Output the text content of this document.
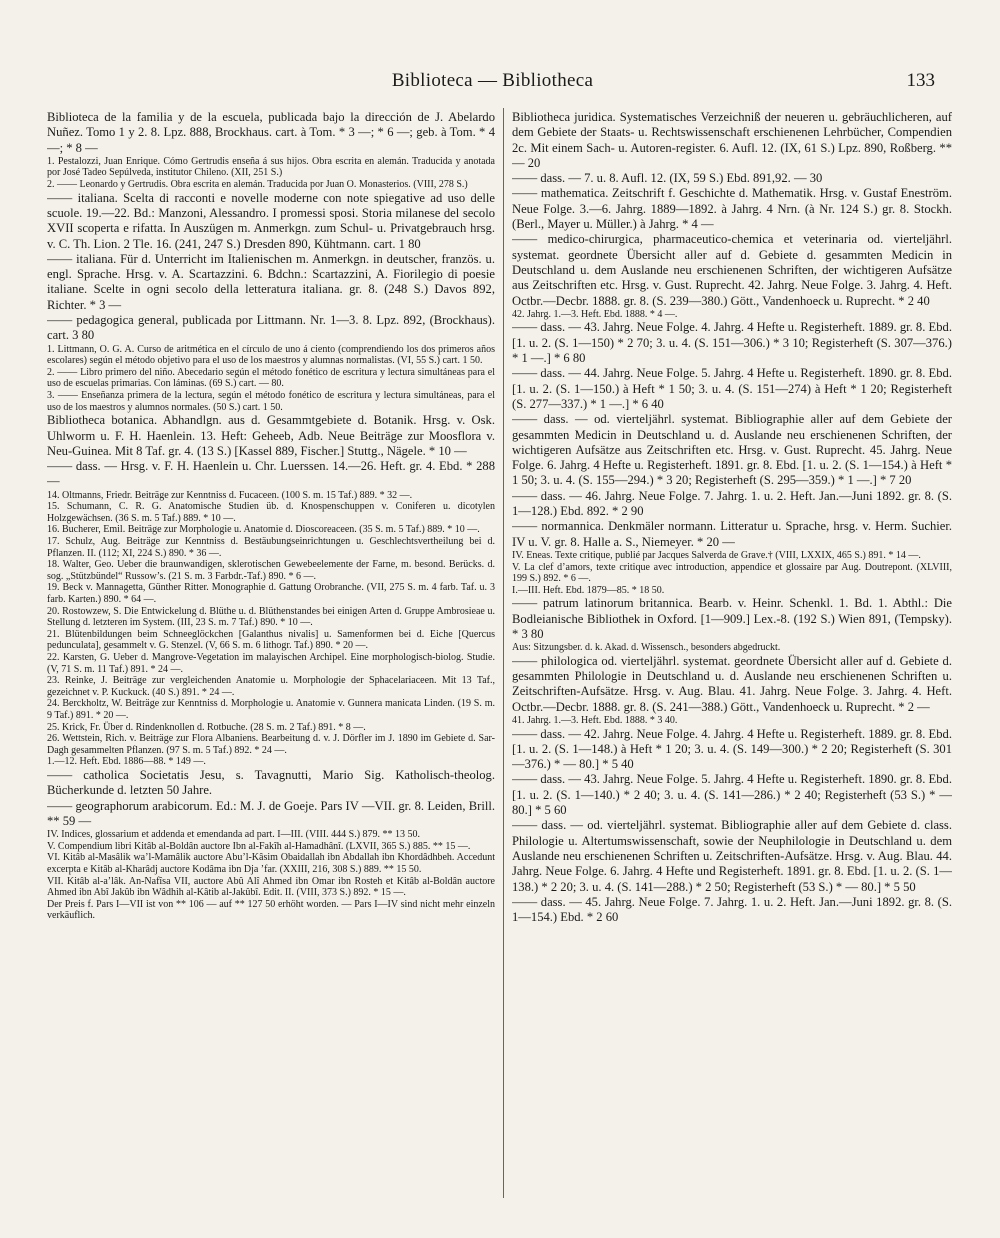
Biblioteca — Bibliotheca	133
Biblioteca de la familia y de la escuela, publicada bajo la dirección de J. Abelardo Nuñez. Tomo 1 y 2. 8. Lpz. 888, Brockhaus. cart. à Tom. * 3 —; * 6 —; geb. à Tom. * 4 —; * 8 —
1. Pestalozzi, Juan Enrique. Cómo Gertrudis enseña á sus hijos. Obra escrita en alemán. Traducida y anotada por José Tadeo Sepúlveda, institutor Chileno. (XII, 251 S.)
2. —— Leonardo y Gertrudis. Obra escrita en alemán. Traducida por Juan O. Monasterios. (VIII, 278 S.)
—— italiana. Scelta di racconti e novelle moderne con note spiegative ad uso delle scuole. 19.—22. Bd.: Manzoni, Alessandro. I promessi sposi. Storia milanese del secolo XVII scoperta e rifatta. In Auszügen m. Anmerkgn. zum Schul- u. Privatgebrauch hrsg. v. C. Th. Lion. 2 Tle. 16. (241, 247 S.) Dresden 890, Kühtmann. cart. 1 80
—— italiana. Für d. Unterricht im Italienischen m. Anmerkgn. in deutscher, französ. u. engl. Sprache. Hrsg. v. A. Scartazzini. 6. Bdchn.: Scartazzini, A. Fiorilegio di poesie italiane. Scelte in ogni secolo della letteratura italiana. gr. 8. (248 S.) Davos 892, Richter. * 3 —
—— pedagogica general, publicada por Littmann. Nr. 1—3. 8. Lpz. 892, (Brockhaus). cart. 3 80
1. Littmann, O. G. A. Curso de aritmética en el círculo de uno á ciento (comprendiendo los dos primeros años escolares) según el método objetivo para el uso de los maestros y alumnas normalistas. (VI, 55 S.) cart. 1 50.
2. —— Libro primero del niño. Abecedario según el método fonético de escritura y lectura simultáneas para el uso de escuelas primarias. Con láminas. (69 S.) cart. — 80.
3. —— Enseñanza primera de la lectura, según el método fonético de escritura y lectura simultáneas, para el uso de los maestros y alumnos normales. (50 S.) cart. 1 50.
Bibliotheca botanica. Abhandlgn. aus d. Gesammtgebiete d. Botanik. Hrsg. v. Osk. Uhlworm u. F. H. Haenlein. 13. Heft: Geheeb, Adb. Neue Beiträge zur Moosflora v. Neu-Guinea. Mit 8 Taf. gr. 4. (13 S.) [Kassel 889, Fischer.] Stuttg., Nägele. * 10 —
—— dass. — Hrsg. v. F. H. Haenlein u. Chr. Luerssen. 14.—26. Heft. gr. 4. Ebd. * 288 —
14. Oltmanns, Friedr. Beiträge zur Kenntniss d. Fucaceen. (100 S. m. 15 Taf.) 889. * 32 —.
15. Schumann, C. R. G. Anatomische Studien üb. d. Knospenschuppen v. Coniferen u. dicotylen Holzgewächsen. (36 S. m. 5 Taf.) 889. * 10 —.
16. Bucherer, Emil. Beiträge zur Morphologie u. Anatomie d. Dioscoreaceen. (35 S. m. 5 Taf.) 889. * 10 —.
17. Schulz, Aug. Beiträge zur Kenntniss d. Bestäubungseinrichtungen u. Geschlechtsvertheilung bei d. Pflanzen. II. (112; XI, 224 S.) 890. * 36 —.
18. Walter, Geo. Ueber die braunwandigen, sklerotischen Gewebeelemente der Farne, m. besond. Berücks. d. sog. „Stützbündel“ Russow’s. (21 S. m. 3 Farbdr.-Taf.) 890. * 6 —.
19. Beck v. Mannagetta, Günther Ritter. Monographie d. Gattung Orobranche. (VII, 275 S. m. 4 farb. Taf. u. 3 farb. Karten.) 890. * 64 —.
20. Rostowzew, S. Die Entwickelung d. Blüthe u. d. Blüthenstandes bei einigen Arten d. Gruppe Ambrosieae u. Stellung d. letzteren im System. (III, 23 S. m. 7 Taf.) 890. * 10 —.
21. Blütenbildungen beim Schneeglöckchen [Galanthus nivalis] u. Samenformen bei d. Eiche [Quercus pedunculata], gesammelt v. G. Stenzel. (V, 66 S. m. 6 lithogr. Taf.) 890. * 20 —.
22. Karsten, G. Ueber d. Mangrove-Vegetation im malayischen Archipel. Eine morphologisch-biolog. Studie. (V, 71 S. m. 11 Taf.) 891. * 24 —.
23. Reinke, J. Beiträge zur vergleichenden Anatomie u. Morphologie der Sphacelariaceen. Mit 13 Taf., gezeichnet v. P. Kuckuck. (40 S.) 891. * 24 —.
24. Berckholtz, W. Beiträge zur Kenntniss d. Morphologie u. Anatomie v. Gunnera manicata Linden. (19 S. m. 9 Taf.) 891. * 20 —.
25. Krick, Fr. Über d. Rindenknollen d. Rotbuche. (28 S. m. 2 Taf.) 891. * 8 —.
26. Wettstein, Rich. v. Beiträge zur Flora Albaniens. Bearbeitung d. v. J. Dörfler im J. 1890 im Gebiete d. Sar-Dagh gesammelten Pflanzen. (97 S. m. 5 Taf.) 892. * 24 —.
1.—12. Heft. Ebd. 1886—88. * 149 —.
—— catholica Societatis Jesu, s. Tavagnutti, Mario Sig. Katholisch-theolog. Bücherkunde d. letzten 50 Jahre.
—— geographorum arabicorum. Ed.: M. J. de Goeje. Pars IV —VII. gr. 8. Leiden, Brill. ** 59 —
IV. Indices, glossarium et addenda et emendanda ad part. I—III. (VIII. 444 S.) 879. ** 13 50.
V. Compendium libri Kitâb al-Boldân auctore Ibn al-Fakîh al-Hamadhânî. (LXVII, 365 S.) 885. ** 15 —.
VI. Kitâb al-Masâlik wa’l-Mamâlik auctore Abu’l-Kâsim Obaidallah ibn Abdallah ibn Khordâdhbeh. Accedunt excerpta e Kitâb al-Kharâdj auctore Kodâma ibn Dja ’far. (XXIII, 216, 308 S.) 889. ** 15 50.
VII. Kitâb al-a’lâk. An-Nafîsa VII, auctore Abû Alî Ahmed ibn Omar ibn Rosteh et Kitâb al-Boldân auctore Ahmed ibn Abî Jakûb ibn Wâdhih al-Kâtib al-Jakûbî. Edit. II. (VIII, 373 S.) 892. * 15 —.
Der Preis f. Pars I—VII ist von ** 106 — auf ** 127 50 erhöht worden. — Pars I—IV sind nicht mehr einzeln verkäuflich.
Bibliotheca juridica. Systematisches Verzeichniß der neueren u. gebräuchlicheren, auf dem Gebiete der Staats- u. Rechtswissenschaft erschienenen Lehrbücher, Compendien 2c. Mit einem Sach- u. Autoren-register. 6. Aufl. 12. (IX, 61 S.) Lpz. 890, Roßberg. ** — 20
—— dass. — 7. u. 8. Aufl. 12. (IX, 59 S.) Ebd. 891,92. — 30
—— mathematica. Zeitschrift f. Geschichte d. Mathematik. Hrsg. v. Gustaf Eneström. Neue Folge. 3.—6. Jahrg. 1889—1892. à Jahrg. 4 Nrn. (à Nr. 124 S.) gr. 8. Stockh. (Berl., Mayer u. Müller.) à Jahrg. * 4 —
—— medico-chirurgica, pharmaceutico-chemica et veterinaria od. vierteljährl. systemat. geordnete Übersicht aller auf d. Gebiete d. gesammten Medicin in Deutschland u. dem Auslande neu erschienenen Schriften, der wichtigeren Aufsätze aus Zeitschriften etc. Hrsg. v. Gust. Ruprecht. 42. Jahrg. Neue Folge. 3. Jahrg. 4. Heft. Octbr.—Decbr. 1888. gr. 8. (S. 239—380.) Gött., Vandenhoeck u. Ruprecht. * 2 40
42. Jahrg. 1.—3. Heft. Ebd. 1888. * 4 —.
—— dass. — 43. Jahrg. Neue Folge. 4. Jahrg. 4 Hefte u. Registerheft. 1889. gr. 8. Ebd. [1. u. 2. (S. 1—150) * 2 70; 3. u. 4. (S. 151—306.) * 3 10; Registerheft (S. 307—376.) * 1 —.] * 6 80
—— dass. — 44. Jahrg. Neue Folge. 5. Jahrg. 4 Hefte u. Registerheft. 1890. gr. 8. Ebd. [1. u. 2. (S. 1—150.) à Heft * 1 50; 3. u. 4. (S. 151—274) à Heft * 1 20; Registerheft (S. 277—337.) * 1 —.] * 6 40
—— dass. — od. vierteljährl. systemat. Bibliographie aller auf dem Gebiete der gesammten Medicin in Deutschland u. d. Auslande neu erschienenen Schriften, der wichtigeren Aufsätze aus Zeitschriften etc. Hrsg. v. Gust. Ruprecht. 45. Jahrg. Neue Folge. 6. Jahrg. 4 Hefte u. Registerheft. 1891. gr. 8. Ebd. [1. u. 2. (S. 1—154.) à Heft * 1 50; 3. u. 4. (S. 155—294.) * 3 20; Registerheft (S. 295—359.) * 1 —.] * 7 20
—— dass. — 46. Jahrg. Neue Folge. 7. Jahrg. 1. u. 2. Heft. Jan.—Juni 1892. gr. 8. (S. 1—128.) Ebd. 892. * 2 90
—— normannica. Denkmäler normann. Litteratur u. Sprache, hrsg. v. Herm. Suchier. IV u. V. gr. 8. Halle a. S., Niemeyer. * 20 —
IV. Eneas. Texte critique, publié par Jacques Salverda de Grave.† (VIII, LXXIX, 465 S.) 891. * 14 —.
V. La clef d’amors, texte critique avec introduction, appendice et glossaire par Aug. Doutrepont. (XLVIII, 199 S.) 892. * 6 —.
I.—III. Heft. Ebd. 1879—85. * 18 50.
—— patrum latinorum britannica. Bearb. v. Heinr. Schenkl. 1. Bd. 1. Abthl.: Die Bodleianische Bibliothek in Oxford. [1—909.] Lex.-8. (192 S.) Wien 891, (Tempsky). * 3 80
Aus: Sitzungsber. d. k. Akad. d. Wissensch., besonders abgedruckt.
—— philologica od. vierteljährl. systemat. geordnete Übersicht aller auf d. Gebiete d. gesammten Philologie in Deutschland u. d. Auslande neu erschienenen Schriften u. Zeitschriften-Aufsätze. Hrsg. v. Aug. Blau. 41. Jahrg. Neue Folge. 3. Jahrg. 4. Heft. Octbr.—Decbr. 1888. gr. 8. (S. 241—388.) Gött., Vandenhoeck u. Ruprecht. * 2 —
41. Jahrg. 1.—3. Heft. Ebd. 1888. * 3 40.
—— dass. — 42. Jahrg. Neue Folge. 4. Jahrg. 4 Hefte u. Registerheft. 1889. gr. 8. Ebd. [1. u. 2. (S. 1—148.) à Heft * 1 20; 3. u. 4. (S. 149—300.) * 2 20; Registerheft (S. 301—376.) * — 80.] * 5 40
—— dass. — 43. Jahrg. Neue Folge. 5. Jahrg. 4 Hefte u. Registerheft. 1890. gr. 8. Ebd. [1. u. 2. (S. 1—140.) * 2 40; 3. u. 4. (S. 141—286.) * 2 40; Registerheft (53 S.) * — 80.] * 5 60
—— dass. — od. vierteljährl. systemat. Bibliographie aller auf dem Gebiete d. class. Philologie u. Altertumswissenschaft, sowie der Neuphilologie in Deutschland u. dem Auslande neu erschienenen Schriften u. Zeitschriften-Aufsätze. Hrsg. v. Aug. Blau. 44. Jahrg. Neue Folge. 6. Jahrg. 4 Hefte und Registerheft. 1891. gr. 8. Ebd. [1. u. 2. (S. 1—138.) * 2 20; 3. u. 4. (S. 141—288.) * 2 50; Registerheft (53 S.) * — 80.] * 5 50
—— dass. — 45. Jahrg. Neue Folge. 7. Jahrg. 1. u. 2. Heft. Jan.—Juni 1892. gr. 8. (S. 1—154.) Ebd. * 2 60
